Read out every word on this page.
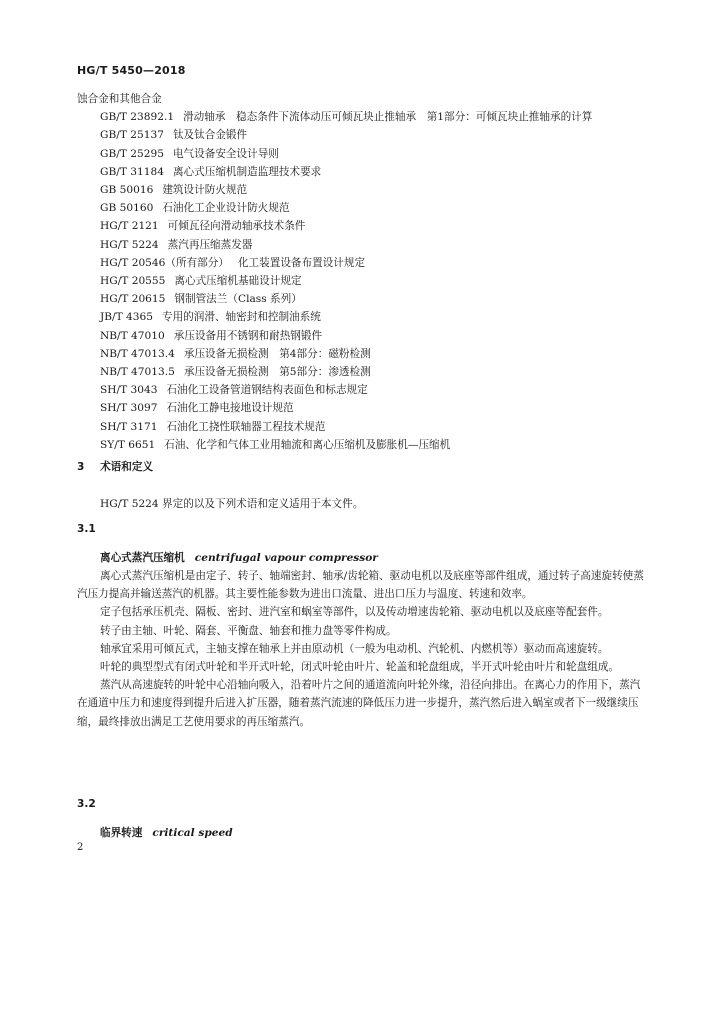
HG/T 5450—2018
蚀合金和其他合金
GB/T 23892.1 滑动轴承　稳态条件下流体动压可倾瓦块止推轴承　第1部分：可倾瓦块止推轴承的计算
GB/T 25137 钛及钛合金锻件
GB/T 25295 电气设备安全设计导则
GB/T 31184 离心式压缩机制造监理技术要求
GB 50016 建筑设计防火规范
GB 50160 石油化工企业设计防火规范
HG/T 2121 可倾瓦径向滑动轴承技术条件
HG/T 5224 蒸汽再压缩蒸发器
HG/T 20546（所有部分） 化工装置设备布置设计规定
HG/T 20555 离心式压缩机基础设计规定
HG/T 20615 钢制管法兰（Class 系列）
JB/T 4365 专用的润滑、轴密封和控制油系统
NB/T 47010 承压设备用不锈钢和耐热钢锻件
NB/T 47013.4 承压设备无损检测　第4部分：磁粉检测
NB/T 47013.5 承压设备无损检测　第5部分：渗透检测
SH/T 3043 石油化工设备管道钢结构表面色和标志规定
SH/T 3097 石油化工静电接地设计规范
SH/T 3171 石油化工挠性联轴器工程技术规范
SY/T 6651 石油、化学和气体工业用轴流和离心压缩机及膨胀机—压缩机
3 术语和定义

HG/T 5224 界定的以及下列术语和定义适用于本文件。

3.1
离心式蒸汽压缩机 centrifugal vapour compressor

离心式蒸汽压缩机是由定子、转子、轴端密封、轴承/齿轮箱、驱动电机以及底座等部件组成，通过转子高速旋转使蒸汽压力提高并输送蒸汽的机器。其主要性能参数为进出口流量、进出口压力与温度、转速和效率。

定子包括承压机壳、隔板、密封、进汽室和蜗室等部件，以及传动增速齿轮箱、驱动电机以及底座等配套件。

转子由主轴、叶轮、隔套、平衡盘、轴套和推力盘等零件构成。

轴承宜采用可倾瓦式，主轴支撑在轴承上并由原动机（一般为电动机、汽轮机、内燃机等）驱动而高速旋转。

叶轮的典型型式有闭式叶轮和半开式叶轮，闭式叶轮由叶片、轮盖和轮盘组成，半开式叶轮由叶片和轮盘组成。

蒸汽从高速旋转的叶轮中心沿轴向吸入，沿着叶片之间的通道流向叶轮外缘，沿径向排出。在离心力的作用下，蒸汽在通道中压力和速度得到提升后进入扩压器，随着蒸汽流速的降低压力进一步提升，蒸汽然后进入蜗室或者下一级继续压缩，最终排放出满足工艺使用要求的再压缩蒸汽。

3.2
临界转速 critical speed
2
